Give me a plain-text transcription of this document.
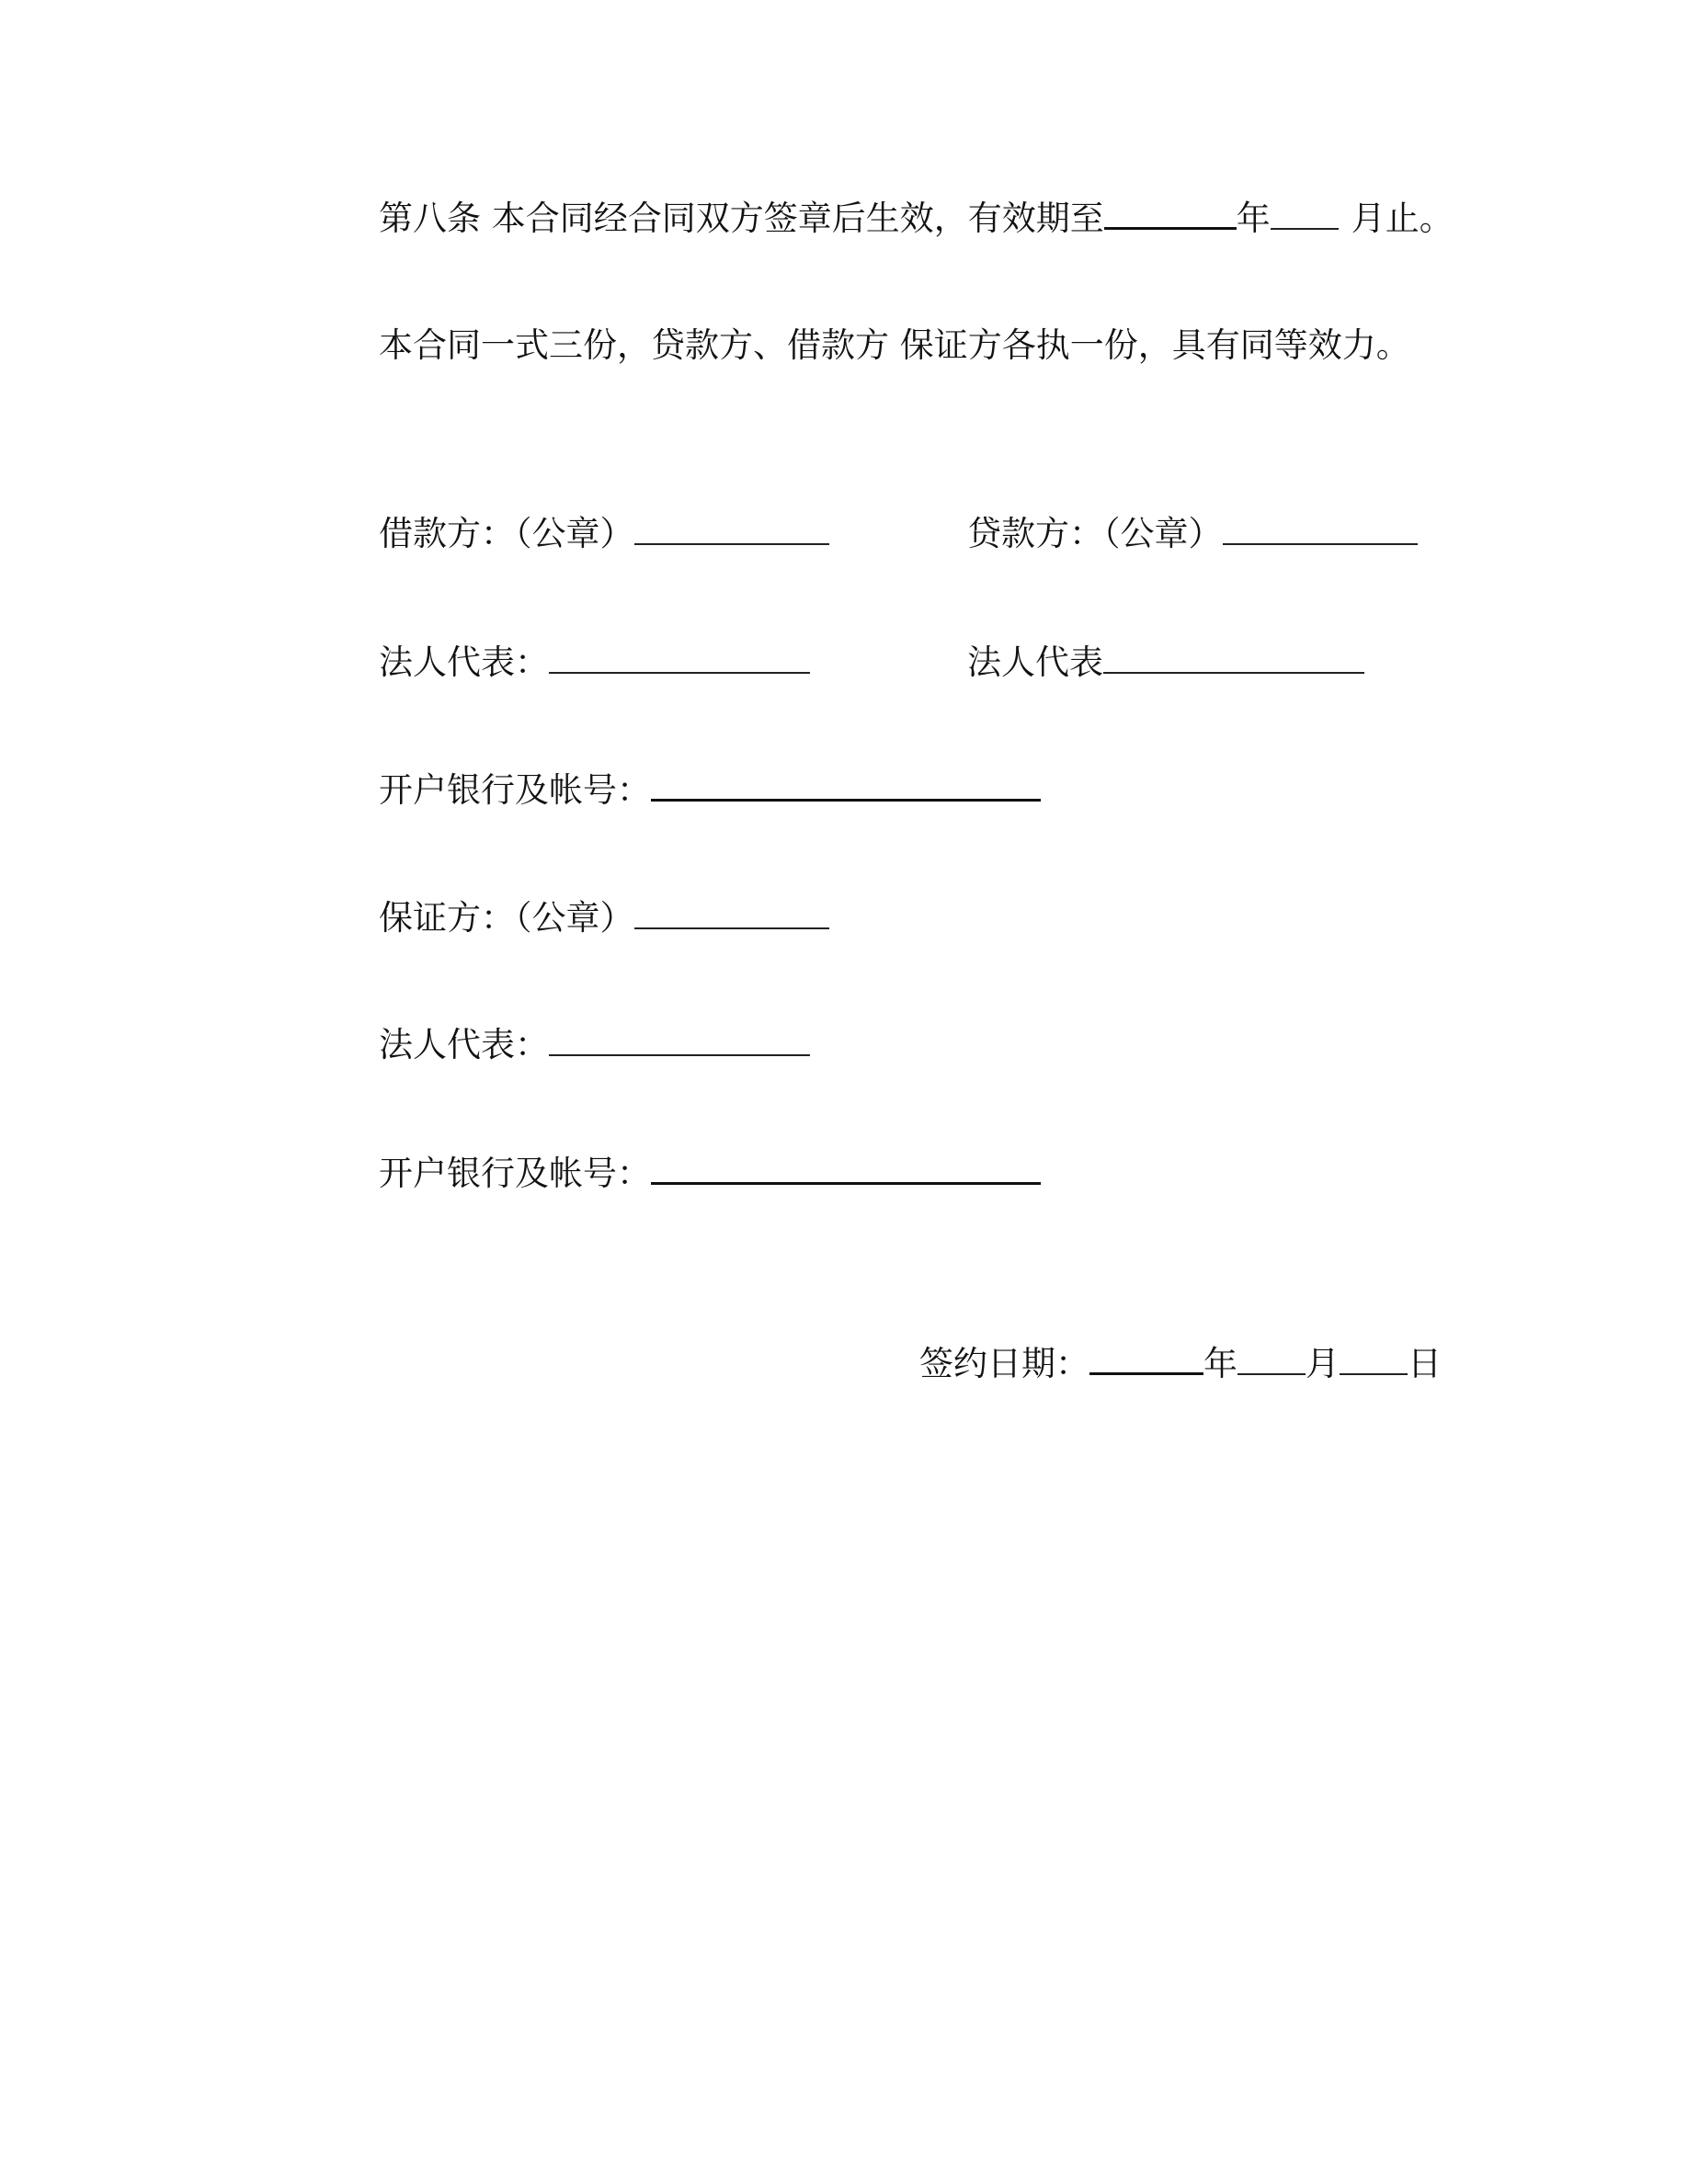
第八条 本合同经合同双方签章后生效，有效期至	年 月止。
本合同一式三份，贷款方、借款方 保证方各执一份，具有同等效力。
借款方：（公章）	贷款方：（公章）
法人代表：	法人代表
开户银行及帐号：
保证方：（公章）
法人代表：
开户银行及帐号：
签约日期：	年 月 日
